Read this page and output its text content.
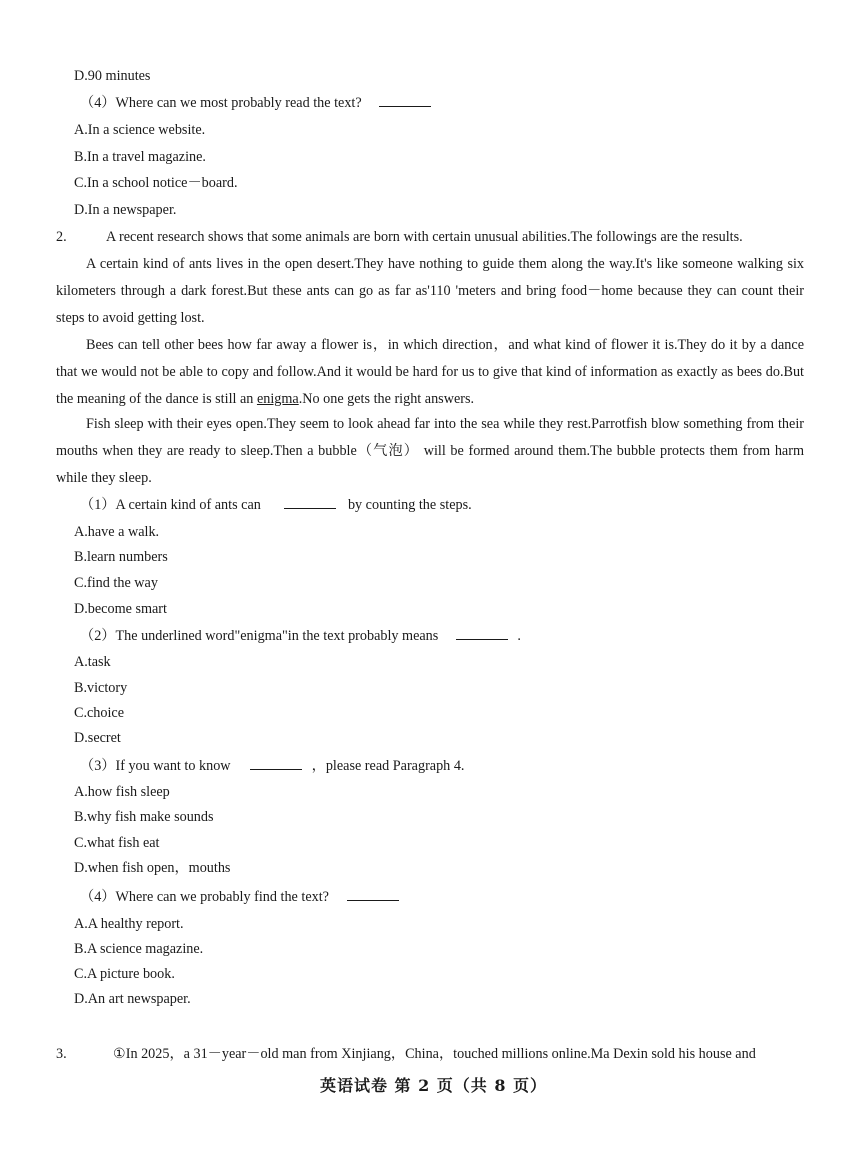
D.90 minutes
（4）Where can we most probably read the text?
A.In a science website.
B.In a travel magazine.
C.In a school notice－board.
D.In a newspaper.
2.	A recent research shows that some animals are born with certain unusual abilities.The followings are the results.
A certain kind of ants lives in the open desert.They have nothing to guide them along the way.It's like someone walking six kilometers through a dark forest.But these ants can go as far as'110 'meters and bring food－home because they can count their steps to avoid getting lost.
Bees can tell other bees how far away a flower is，in which direction，and what kind of flower it is.They do it by a dance that we would not be able to copy and follow.And it would be hard for us to give that kind of information as exactly as bees do.But the meaning of the dance is still an enigma.No one gets the right answers.
Fish sleep with their eyes open.They seem to look ahead far into the sea while they rest.Parrotfish blow something from their mouths when they are ready to sleep.Then a bubble（气泡） will be formed around them.The bubble protects them from harm while they sleep.
（1）A certain kind of ants can	by counting the steps.
A.have a walk.
B.learn numbers
C.find the way
D.become smart
（2）The underlined word"enigma"in the text probably means	.
A.task
B.victory
C.choice
D.secret
（3）If you want to know	，please read Paragraph 4.
A.how fish sleep
B.why fish make sounds
C.what fish eat
D.when fish open，mouths
（4）Where can we probably find the text?
A.A healthy report.
B.A science magazine.
C.A picture book.
D.An art newspaper.
3.	①In 2025，a 31－year－old man from Xinjiang，China，touched millions online.Ma Dexin sold his house and
英语试卷 第 2 页（共 8 页）
